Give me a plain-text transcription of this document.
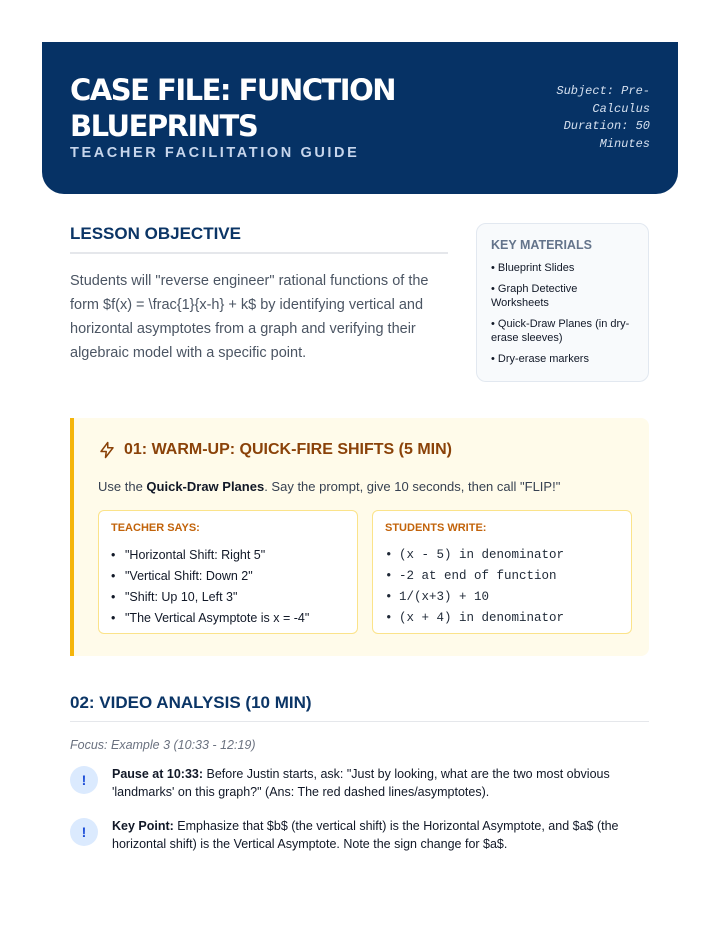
CASE FILE: FUNCTION BLUEPRINTS
TEACHER FACILITATION GUIDE
Subject: Pre-
Calculus
Duration: 50
Minutes
LESSON OBJECTIVE

Students will "reverse engineer" rational functions of the form $f(x) = \frac{1}{x-h} + k$ by identifying vertical and horizontal asymptotes from a graph and verifying their algebraic model with a specific point.

KEY MATERIALS
• Blueprint Slides
• Graph Detective Worksheets
• Quick-Draw Planes (in dry-erase sleeves)
• Dry-erase markers
01: WARM-UP: QUICK-FIRE SHIFTS (5 MIN)
Use the Quick-Draw Planes. Say the prompt, give 10 seconds, then call "FLIP!"
TEACHER SAYS:
• "Horizontal Shift: Right 5"
• "Vertical Shift: Down 2"
• "Shift: Up 10, Left 3"
• "The Vertical Asymptote is x = -4"
STUDENTS WRITE:
• (x - 5) in denominator
• -2 at end of function
• 1/(x+3) + 10
• (x + 4) in denominator
02: VIDEO ANALYSIS (10 MIN)
Focus: Example 3 (10:33 - 12:19)
!	Pause at 10:33: Before Justin starts, ask: "Just by looking, what are the two most obvious 'landmarks' on this graph?" (Ans: The red dashed lines/asymptotes).
!	Key Point: Emphasize that $b$ (the vertical shift) is the Horizontal Asymptote, and $a$ (the horizontal shift) is the Vertical Asymptote. Note the sign change for $a$.
